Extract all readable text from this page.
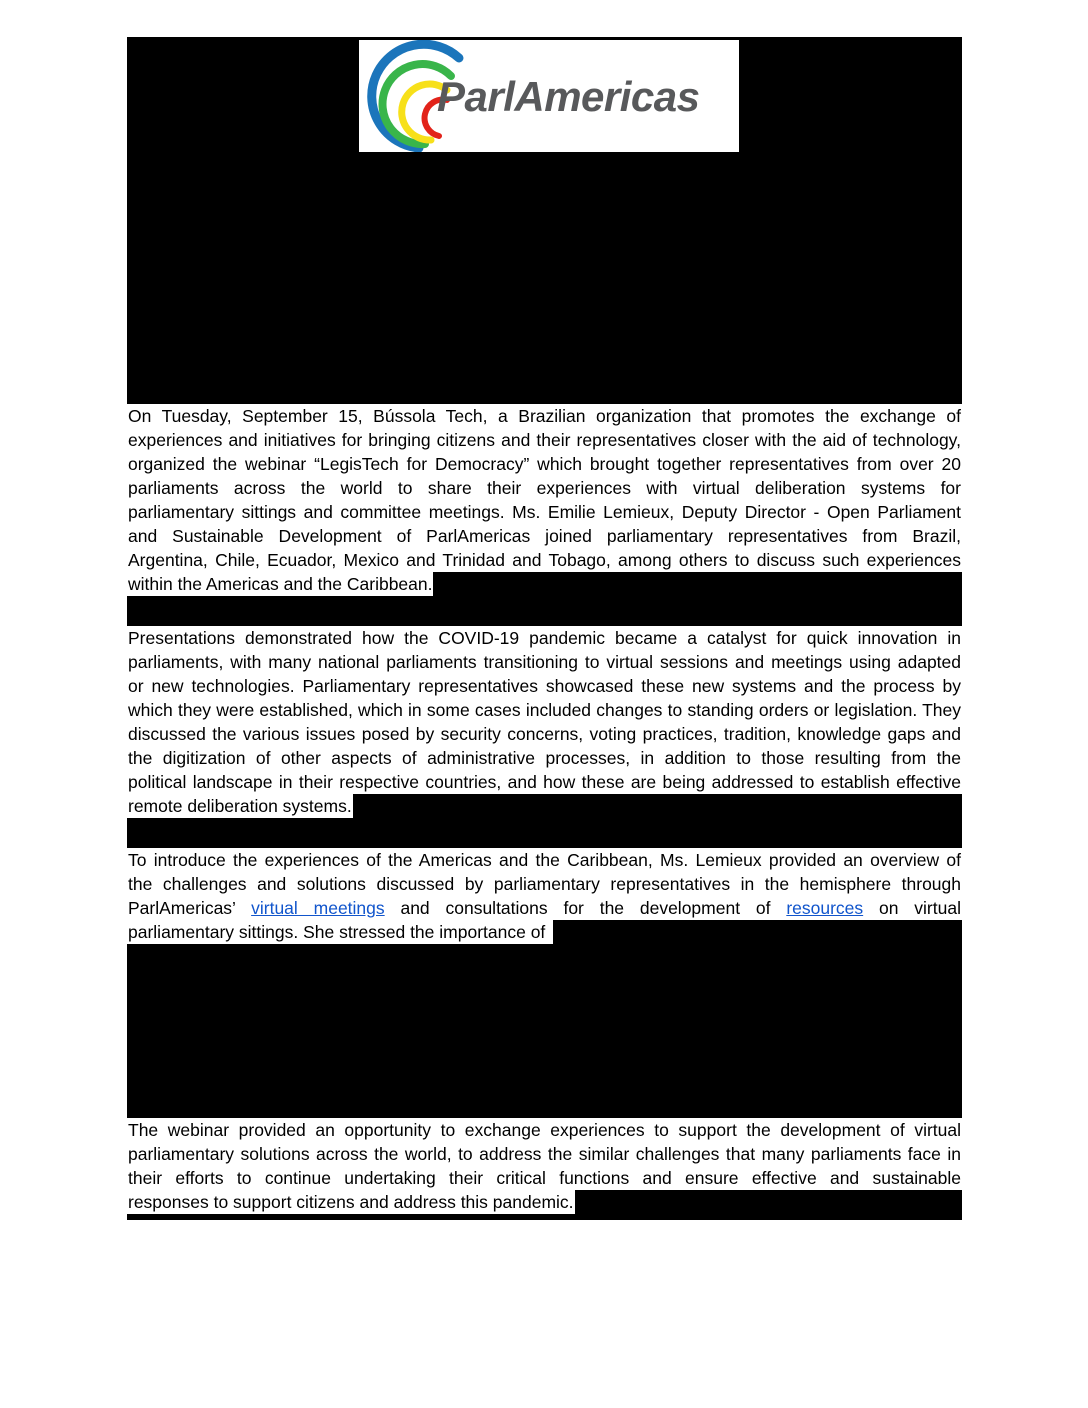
ParlAmericas

On Tuesday, September 15, Bússola Tech, a Brazilian organization that promotes the exchange of
experiences and initiatives for bringing citizens and their representatives closer with the aid of technology,
organized the webinar “LegisTech for Democracy” which brought together representatives from over 20
parliaments across the world to share their experiences with virtual deliberation systems for
parliamentary sittings and committee meetings. Ms. Emilie Lemieux, Deputy Director - Open Parliament
and Sustainable Development of ParlAmericas joined parliamentary representatives from Brazil,
Argentina, Chile, Ecuador, Mexico and Trinidad and Tobago, among others to discuss such experiences
within the Americas and the Caribbean.

Presentations demonstrated how the COVID-19 pandemic became a catalyst for quick innovation in
parliaments, with many national parliaments transitioning to virtual sessions and meetings using adapted
or new technologies. Parliamentary representatives showcased these new systems and the process by
which they were established, which in some cases included changes to standing orders or legislation. They
discussed the various issues posed by security concerns, voting practices, tradition, knowledge gaps and
the digitization of other aspects of administrative processes, in addition to those resulting from the
political landscape in their respective countries, and how these are being addressed to establish effective
remote deliberation systems.

To introduce the experiences of the Americas and the Caribbean, Ms. Lemieux provided an overview of
the challenges and solutions discussed by parliamentary representatives in the hemisphere through
ParlAmericas’ virtual meetings and consultations for the development of resources on virtual
parliamentary sittings. She stressed the importance of

The webinar provided an opportunity to exchange experiences to support the development of virtual
parliamentary solutions across the world, to address the similar challenges that many parliaments face in
their efforts to continue undertaking their critical functions and ensure effective and sustainable
responses to support citizens and address this pandemic.
